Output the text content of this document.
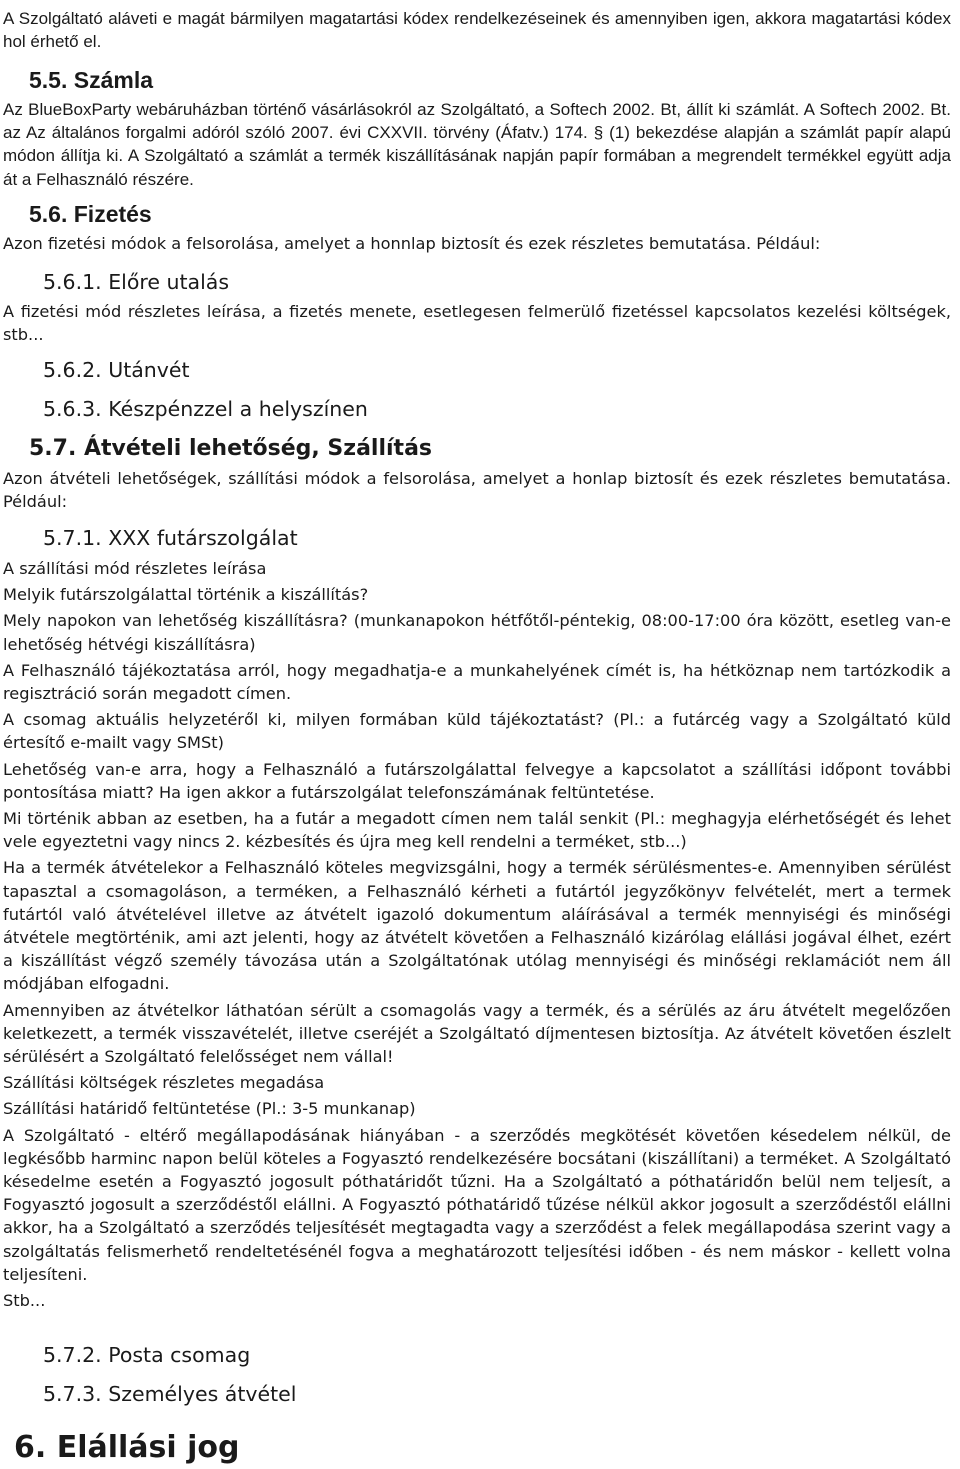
A Szolgáltató aláveti e magát bármilyen magatartási kódex rendelkezéseinek és amennyiben igen, akkora magatartási kódex hol érhető el.

5.5. Számla

Az BlueBoxParty webáruházban történő vásárlásokról az Szolgáltató, a Softech 2002. Bt, állít ki számlát. A Softech 2002. Bt. az Az általános forgalmi adóról szóló 2007. évi CXXVII. törvény (Áfatv.) 174. § (1) bekezdése alapján a számlát papír alapú módon állítja ki. A Szolgáltató a számlát a termék kiszállításának napján papír formában a megrendelt termékkel együtt adja át a Felhasználó részére.

5.6. Fizetés

Azon fizetési módok a felsorolása, amelyet a honnlap biztosít és ezek részletes bemutatása. Például:

5.6.1. Előre utalás

A fizetési mód részletes leírása, a fizetés menete, esetlegesen felmerülő fizetéssel kapcsolatos kezelési költségek, stb...

5.6.2. Utánvét
5.6.3. Készpénzzel a helyszínen
5.7. Átvételi lehetőség, Szállítás

Azon átvételi lehetőségek, szállítási módok a felsorolása, amelyet a honlap biztosít és ezek részletes bemutatása. Például:

5.7.1. XXX futárszolgálat

A szállítási mód részletes leírása

Melyik futárszolgálattal történik a kiszállítás?

Mely napokon van lehetőség kiszállításra? (munkanapokon hétfőtől-péntekig, 08:00-17:00 óra között, esetleg van-e lehetőség hétvégi kiszállításra)

A Felhasználó tájékoztatása arról, hogy megadhatja-e a munkahelyének címét is, ha hétköznap nem tartózkodik a regisztráció során megadott címen.

A csomag aktuális helyzetéről ki, milyen formában küld tájékoztatást? (Pl.: a futárcég vagy a Szolgáltató küld értesítő e-mailt vagy SMSt)

Lehetőség van-e arra, hogy a Felhasználó a futárszolgálattal felvegye a kapcsolatot a szállítási időpont további pontosítása miatt? Ha igen akkor a futárszolgálat telefonszámának feltüntetése.

Mi történik abban az esetben, ha a futár a megadott címen nem talál senkit (Pl.: meghagyja elérhetőségét és lehet vele egyeztetni vagy nincs 2. kézbesítés és újra meg kell rendelni a terméket, stb...)

Ha a termék átvételekor a Felhasználó köteles megvizsgálni, hogy a termék sérülésmentes-e. Amennyiben sérülést tapasztal a csomagoláson, a terméken, a Felhasználó kérheti a futártól jegyzőkönyv felvételét, mert a termek futártól való átvételével illetve az átvételt igazoló dokumentum aláírásával a termék mennyiségi és minőségi átvétele megtörténik, ami azt jelenti, hogy az átvételt követően a Felhasználó kizárólag elállási jogával élhet, ezért a kiszállítást végző személy távozása után a Szolgáltatónak utólag mennyiségi és minőségi reklamációt nem áll módjában elfogadni.

Amennyiben az átvételkor láthatóan sérült a csomagolás vagy a termék, és a sérülés az áru átvételt megelőzően keletkezett, a termék visszavételét, illetve cseréjét a Szolgáltató díjmentesen biztosítja. Az átvételt követően észlelt sérülésért a Szolgáltató felelősséget nem vállal!

Szállítási költségek részletes megadása

Szállítási határidő feltüntetése (Pl.: 3-5 munkanap)

A Szolgáltató - eltérő megállapodásának hiányában - a szerződés megkötését követően késedelem nélkül, de legkésőbb harminc napon belül köteles a Fogyasztó rendelkezésére bocsátani (kiszállítani) a terméket. A Szolgáltató késedelme esetén a Fogyasztó jogosult póthatáridőt tűzni. Ha a Szolgáltató a póthatáridőn belül nem teljesít, a Fogyasztó jogosult a szerződéstől elállni. A Fogyasztó póthatáridő tűzése nélkül akkor jogosult a szerződéstől elállni akkor, ha a Szolgáltató a szerződés teljesítését megtagadta vagy a szerződést a felek megállapodása szerint vagy a szolgáltatás felismerhető rendeltetésénél fogva a meghatározott teljesítési időben - és nem máskor - kellett volna teljesíteni.

Stb...

5.7.2. Posta csomag
5.7.3. Személyes átvétel
6. Elállási jog
